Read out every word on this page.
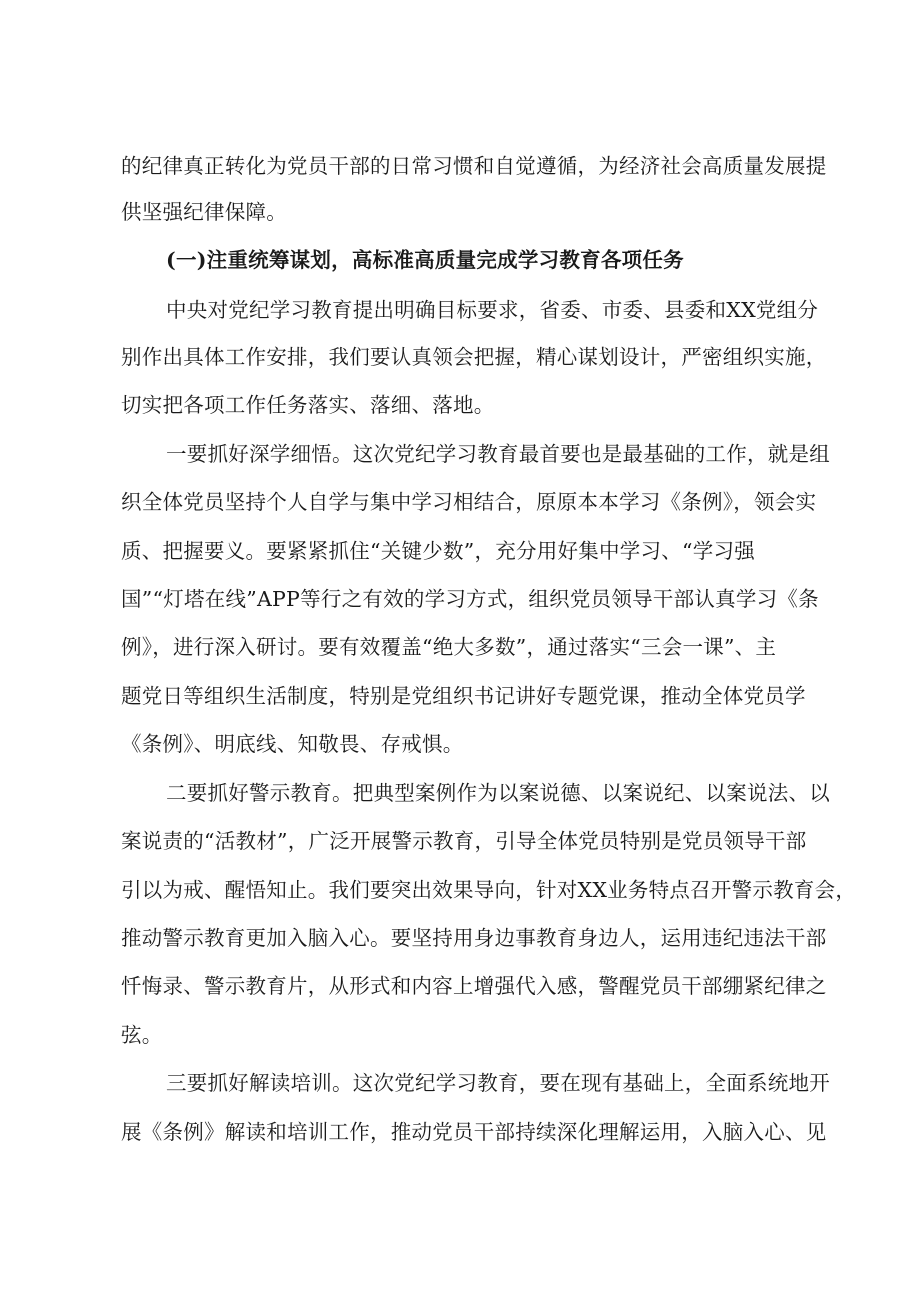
的纪律真正转化为党员干部的日常习惯和自觉遵循，为经济社会高质量发展提
供坚强纪律保障。
(一)注重统筹谋划，高标准高质量完成学习教育各项任务
中央对党纪学习教育提出明确目标要求，省委、市委、县委和XX党组分
别作出具体工作安排，我们要认真领会把握，精心谋划设计，严密组织实施，
切实把各项工作任务落实、落细、落地。
一要抓好深学细悟。这次党纪学习教育最首要也是最基础的工作，就是组
织全体党员坚持个人自学与集中学习相结合，原原本本学习《条例》，领会实
质、把握要义。要紧紧抓住“关键少数”，充分用好集中学习、“学习强
国”“灯塔在线”APP等行之有效的学习方式，组织党员领导干部认真学习《条
例》，进行深入研讨。要有效覆盖“绝大多数”，通过落实“三会一课”、主
题党日等组织生活制度，特别是党组织书记讲好专题党课，推动全体党员学
《条例》、明底线、知敬畏、存戒惧。
二要抓好警示教育。把典型案例作为以案说德、以案说纪、以案说法、以
案说责的“活教材”，广泛开展警示教育，引导全体党员特别是党员领导干部
引以为戒、醒悟知止。我们要突出效果导向，针对XX业务特点召开警示教育会，
推动警示教育更加入脑入心。要坚持用身边事教育身边人，运用违纪违法干部
忏悔录、警示教育片，从形式和内容上增强代入感，警醒党员干部绷紧纪律之
弦。
三要抓好解读培训。这次党纪学习教育，要在现有基础上，全面系统地开
展《条例》解读和培训工作，推动党员干部持续深化理解运用，入脑入心、见
